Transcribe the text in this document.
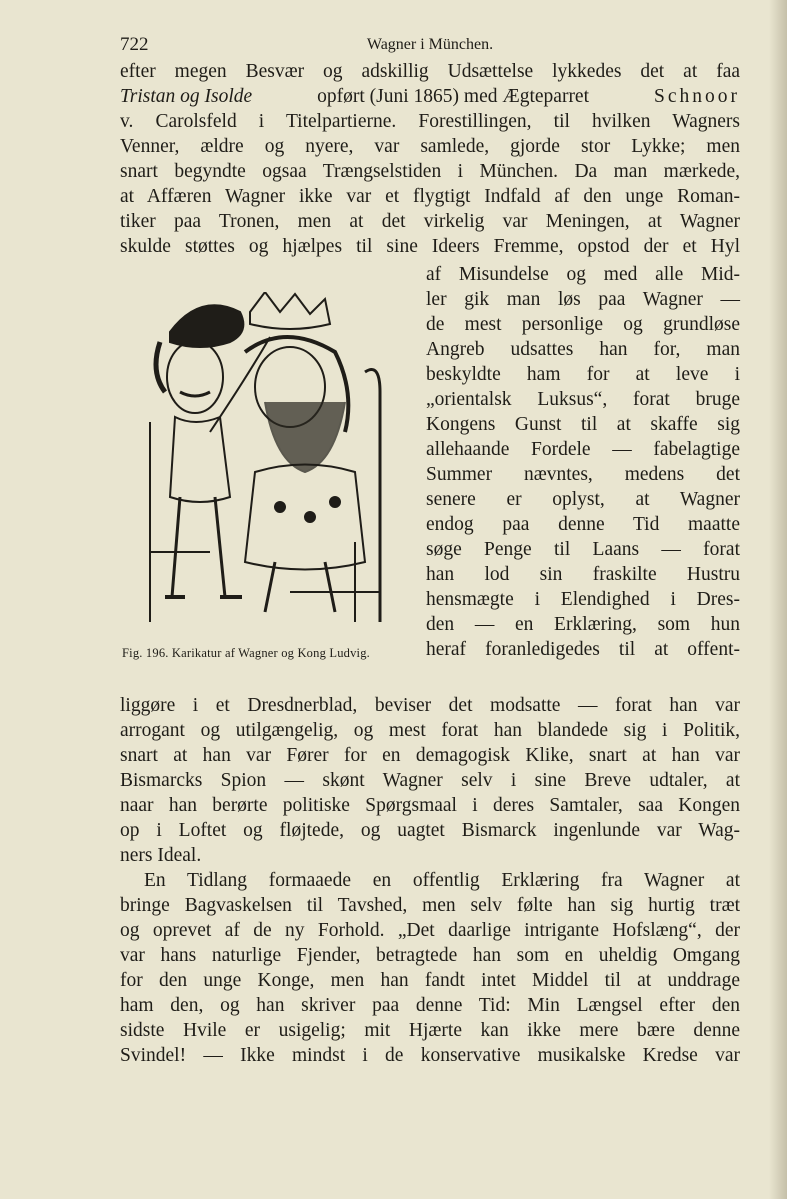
722	Wagner i München.
efter megen Besvær og adskillig Udsættelse lykkedes det at faa
Tristan og Isolde	opført (Juni 1865) med Ægteparret	Schnoor
v. Carolsfeld i Titelpartierne. Forestillingen, til hvilken Wagners
Venner, ældre og nyere, var samlede, gjorde stor Lykke; men
snart begyndte ogsaa Trængselstiden i München. Da man mærkede,
at Affæren Wagner ikke var et flygtigt Indfald af den unge Roman-
tiker paa Tronen, men at det virkelig var Meningen, at Wagner
skulde støttes og hjælpes til sine Ideers Fremme, opstod der et Hyl
af Misundelse og med alle Mid-
ler gik man løs paa Wagner —
de mest personlige og grundløse
Angreb udsattes han for, man
beskyldte ham for at leve i
„orientalsk Luksus“, forat bruge
Kongens Gunst til at skaffe sig
allehaande Fordele — fabelagtige
Summer nævntes, medens det
senere er oplyst, at Wagner
endog paa denne Tid maatte
søge Penge til Laans — forat
han lod sin fraskilte Hustru
hensmægte i Elendighed i Dres-
den — en Erklæring, som hun
heraf foranledigedes til at offent-
liggøre i et Dresdnerblad, beviser det modsatte — forat han var
arrogant og utilgængelig, og mest forat han blandede sig i Politik,
snart at han var Fører for en demagogisk Klike, snart at han var
Bismarcks Spion — skønt Wagner selv i sine Breve udtaler, at
naar han berørte politiske Spørgsmaal i deres Samtaler, saa Kongen
op i Loftet og fløjtede, og uagtet Bismarck ingenlunde var Wag-
ners Ideal.
En Tidlang formaaede en offentlig Erklæring fra Wagner at
bringe Bagvaskelsen til Tavshed, men selv følte han sig hurtig træt
og oprevet af de ny Forhold. „Det daarlige intrigante Hofslæng“, der
var hans naturlige Fjender, betragtede han som en uheldig Omgang
for den unge Konge, men han fandt intet Middel til at unddrage
ham den, og han skriver paa denne Tid: Min Længsel efter den
sidste Hvile er usigelig; mit Hjærte kan ikke mere bære denne
Svindel! — Ikke mindst i de konservative musikalske Kredse var
Fig. 196. Karikatur af Wagner og Kong Ludvig.
